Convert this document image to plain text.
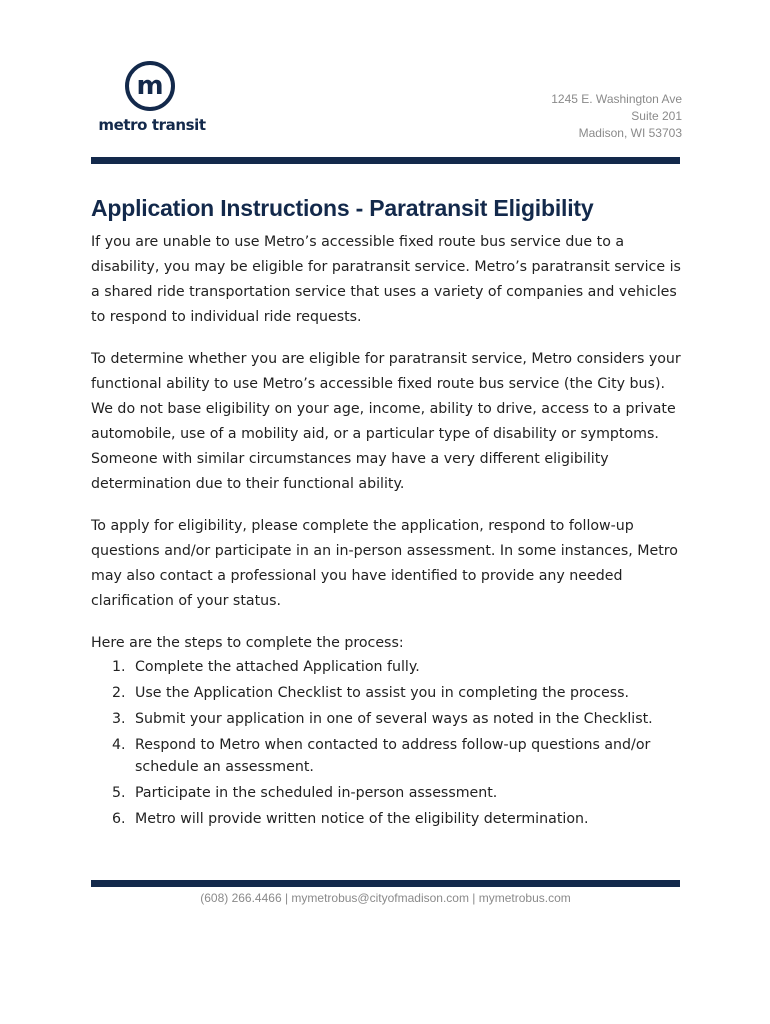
m
metro transit
1245 E. Washington Ave
Suite 201
Madison, WI 53703
Application Instructions - Paratransit Eligibility

If you are unable to use Metro’s accessible fixed route bus service due to a disability, you may be eligible for paratransit service. Metro’s paratransit service is a shared ride transportation service that uses a variety of companies and vehicles to respond to individual ride requests.

To determine whether you are eligible for paratransit service, Metro considers your functional ability to use Metro’s accessible fixed route bus service (the City bus). We do not base eligibility on your age, income, ability to drive, access to a private automobile, use of a mobility aid, or a particular type of disability or symptoms. Someone with similar circumstances may have a very different eligibility determination due to their functional ability.

To apply for eligibility, please complete the application, respond to follow-up questions and/or participate in an in-person assessment. In some instances, Metro may also contact a professional you have identified to provide any needed clarification of your status.

Here are the steps to complete the process:
1. Complete the attached Application fully.
2. Use the Application Checklist to assist you in completing the process.
3. Submit your application in one of several ways as noted in the Checklist.
4. Respond to Metro when contacted to address follow-up questions and/or schedule an assessment.
5. Participate in the scheduled in-person assessment.
6. Metro will provide written notice of the eligibility determination.
(608) 266.4466 | mymetrobus@cityofmadison.com | mymetrobus.com
